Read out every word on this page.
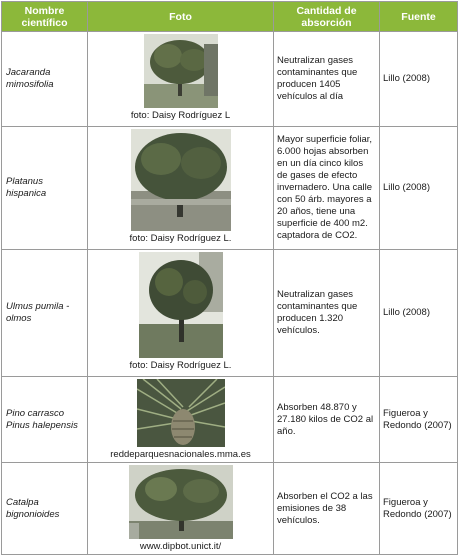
Nombre científico	Foto	Cantidad de absorción	Fuente
Jacaranda mimosifolia	foto: Daisy Rodríguez L	Neutralizan gases contaminantes que producen 1405 vehículos al día	Lillo (2008)
Platanus hispanica	foto: Daisy Rodríguez L.	Mayor superficie foliar, 6.000 hojas absorben en un día cinco kilos de gases de efecto invernadero. Una calle con 50 árb. mayores a 20 años, tiene una superficie de 400 m2. captadora de CO2.	Lillo (2008)
Ulmus pumila - olmos	foto: Daisy Rodríguez L.	Neutralizan gases contaminantes que producen 1.320 vehículos.	Lillo (2008)
Pino carrasco Pinus halepensis	reddeparquesnacionales.mma.es	Absorben 48.870 y 27.180 kilos de CO2 al año.	Figueroa y Redondo (2007)
Catalpa bignonioides	www.dipbot.unict.it/	Absorben el CO2 a las emisiones de 38 vehículos.	Figueroa y Redondo (2007)
